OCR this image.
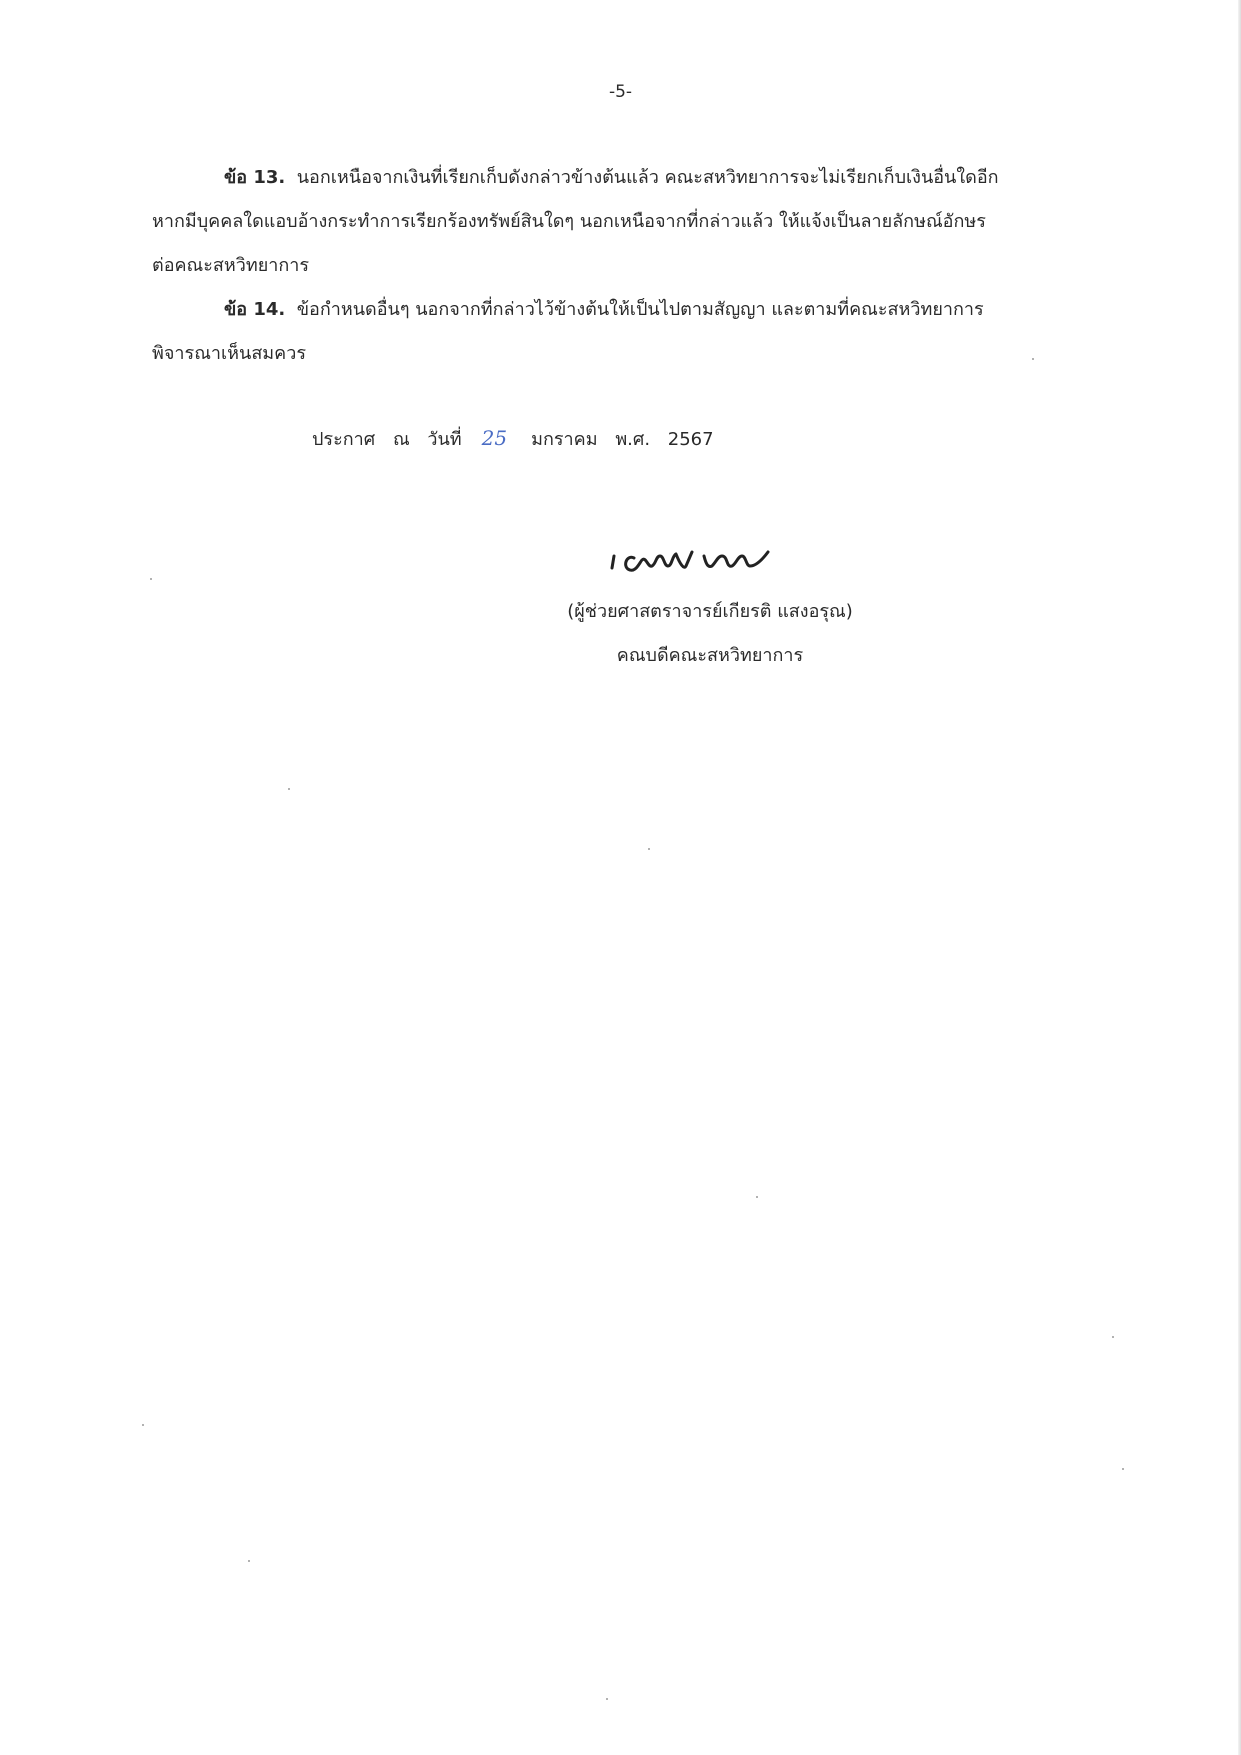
-5-
ข้อ 13. นอกเหนือจากเงินที่เรียกเก็บดังกล่าวข้างต้นแล้ว คณะสหวิทยาการจะไม่เรียกเก็บเงินอื่นใดอีก
หากมีบุคคลใดแอบอ้างกระทำการเรียกร้องทรัพย์สินใดๆ นอกเหนือจากที่กล่าวแล้ว ให้แจ้งเป็นลายลักษณ์อักษร
ต่อคณะสหวิทยาการ
ข้อ 14. ข้อกำหนดอื่นๆ นอกจากที่กล่าวไว้ข้างต้นให้เป็นไปตามสัญญา และตามที่คณะสหวิทยาการ
พิจารณาเห็นสมควร
ประกาศ ณ วันที่ 25 มกราคม พ.ศ. 2567
(ผู้ช่วยศาสตราจารย์เกียรติ แสงอรุณ)
คณบดีคณะสหวิทยาการ
